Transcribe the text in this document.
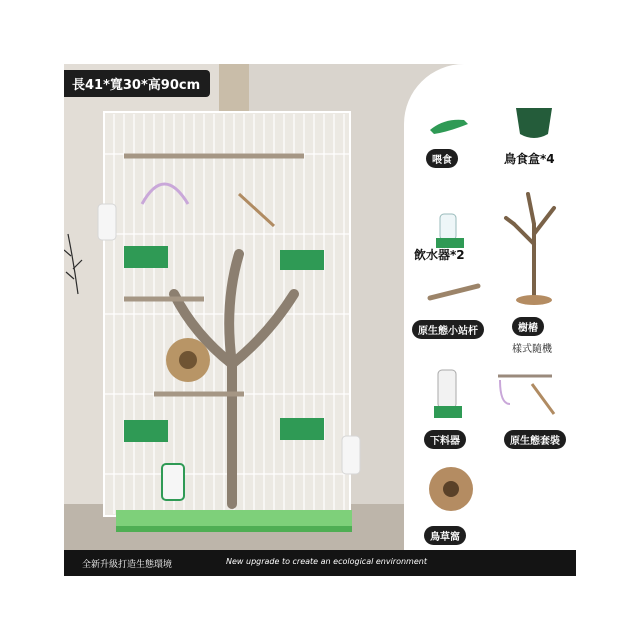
長41*寬30*高90cm
喂食	鳥食盒*4
飲水器*2
原生態小站杆	樹樁
樣式隨機
下料器	原生態套裝
鳥草窩
全新升級打造生態環境	New upgrade to create an ecological environment
